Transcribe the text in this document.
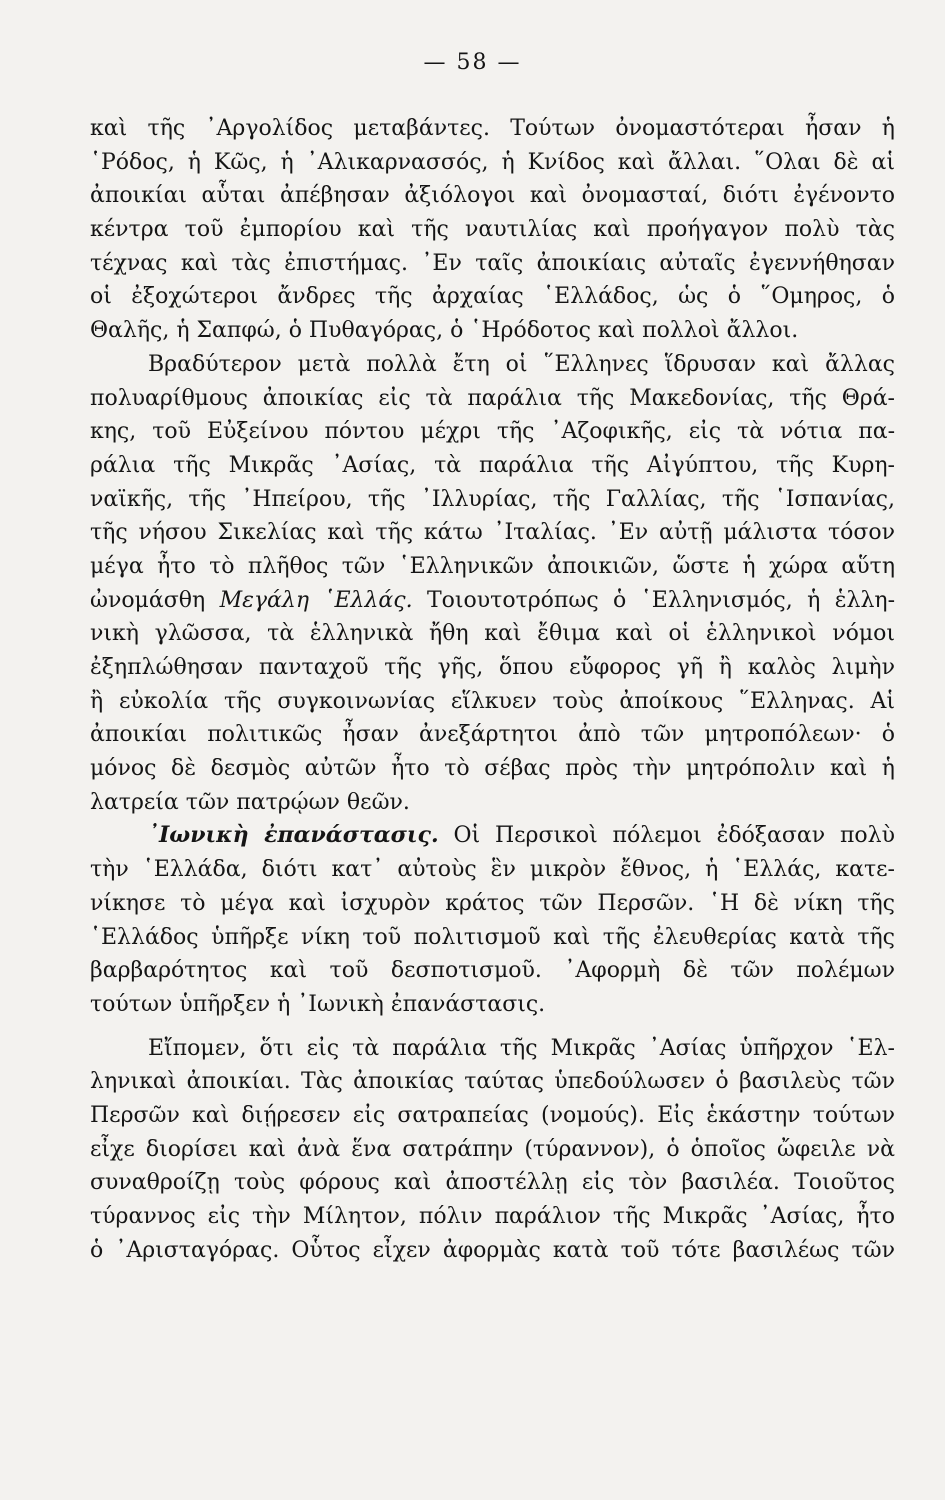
— 58 —
καὶ τῆς ᾿Αργολίδος μεταβάντες. Τούτων ὀνομαστότεραι ἦσαν ἡ
῾Ρόδος, ἡ Κῶς, ἡ ᾿Αλικαρνασσός, ἡ Κνίδος καὶ ἄλλαι. ῞Ολαι δὲ αἱ
ἀποικίαι αὗται ἀπέβησαν ἀξιόλογοι καὶ ὀνομασταί, διότι ἐγένοντο
κέντρα τοῦ ἐμπορίου καὶ τῆς ναυτιλίας καὶ προήγαγον πολὺ τὰς
τέχνας καὶ τὰς ἐπιστήμας. ᾿Εν ταῖς ἀποικίαις αὐταῖς ἐγεννήθησαν
οἱ ἐξοχώτεροι ἄνδρες τῆς ἀρχαίας ῾Ελλάδος, ὡς ὁ ῞Ομηρος, ὁ
Θαλῆς, ἡ Σαπφώ, ὁ Πυθαγόρας, ὁ ῾Ηρόδοτος καὶ πολλοὶ ἄλλοι.
Βραδύτερον μετὰ πολλὰ ἔτη οἱ ῞Ελληνες ἵδρυσαν καὶ ἄλλας
πολυαρίθμους ἀποικίας εἰς τὰ παράλια τῆς Μακεδονίας, τῆς Θρά-
κης, τοῦ Εὐξείνου πόντου μέχρι τῆς ᾿Αζοφικῆς, εἰς τὰ νότια πα-
ράλια τῆς Μικρᾶς ᾿Ασίας, τὰ παράλια τῆς Αἰγύπτου, τῆς Κυρη-
ναϊκῆς, τῆς ᾿Ηπείρου, τῆς ᾿Ιλλυρίας, τῆς Γαλλίας, τῆς ῾Ισπανίας,
τῆς νήσου Σικελίας καὶ τῆς κάτω ᾿Ιταλίας. ᾿Εν αὐτῇ μάλιστα τόσον
μέγα ἦτο τὸ πλῆθος τῶν ῾Ελληνικῶν ἀποικιῶν, ὥστε ἡ χώρα αὕτη
ὠνομάσθη Μεγάλη ῾Ελλάς. Τοιουτοτρόπως ὁ ῾Ελληνισμός, ἡ ἑλλη-
νικὴ γλῶσσα, τὰ ἑλληνικὰ ἤθη καὶ ἔθιμα καὶ οἱ ἑλληνικοὶ νόμοι
ἐξηπλώθησαν πανταχοῦ τῆς γῆς, ὅπου εὔφορος γῆ ἢ καλὸς λιμὴν
ἢ εὐκολία τῆς συγκοινωνίας εἵλκυεν τοὺς ἀποίκους ῞Ελληνας. Αἱ
ἀποικίαι πολιτικῶς ἦσαν ἀνεξάρτητοι ἀπὸ τῶν μητροπόλεων· ὁ
μόνος δὲ δεσμὸς αὐτῶν ἦτο τὸ σέβας πρὸς τὴν μητρόπολιν καὶ ἡ
λατρεία τῶν πατρῴων θεῶν.
᾿Ιωνικὴ ἐπανάστασις. Οἱ Περσικοὶ πόλεμοι ἐδόξασαν πολὺ
τὴν ῾Ελλάδα, διότι κατ᾿ αὐτοὺς ἓν μικρὸν ἔθνος, ἡ ῾Ελλάς, κατε-
νίκησε τὸ μέγα καὶ ἰσχυρὸν κράτος τῶν Περσῶν. ῾Η δὲ νίκη τῆς
῾Ελλάδος ὑπῆρξε νίκη τοῦ πολιτισμοῦ καὶ τῆς ἐλευθερίας κατὰ τῆς
βαρβαρότητος καὶ τοῦ δεσποτισμοῦ. ᾿Αφορμὴ δὲ τῶν πολέμων
τούτων ὑπῆρξεν ἡ ᾿Ιωνικὴ ἐπανάστασις.
Εἴπομεν, ὅτι εἰς τὰ παράλια τῆς Μικρᾶς ᾿Ασίας ὑπῆρχον ῾Ελ-
ληνικαὶ ἀποικίαι. Τὰς ἀποικίας ταύτας ὑπεδούλωσεν ὁ βασιλεὺς τῶν
Περσῶν καὶ διῄρεσεν εἰς σατραπείας (νομούς). Εἰς ἑκάστην τούτων
εἶχε διορίσει καὶ ἀνὰ ἕνα σατράπην (τύραννον), ὁ ὁποῖος ὤφειλε νὰ
συναθροίζῃ τοὺς φόρους καὶ ἀποστέλλῃ εἰς τὸν βασιλέα. Τοιοῦτος
τύραννος εἰς τὴν Μίλητον, πόλιν παράλιον τῆς Μικρᾶς ᾿Ασίας, ἦτο
ὁ ᾿Αρισταγόρας. Οὗτος εἶχεν ἀφορμὰς κατὰ τοῦ τότε βασιλέως τῶν
